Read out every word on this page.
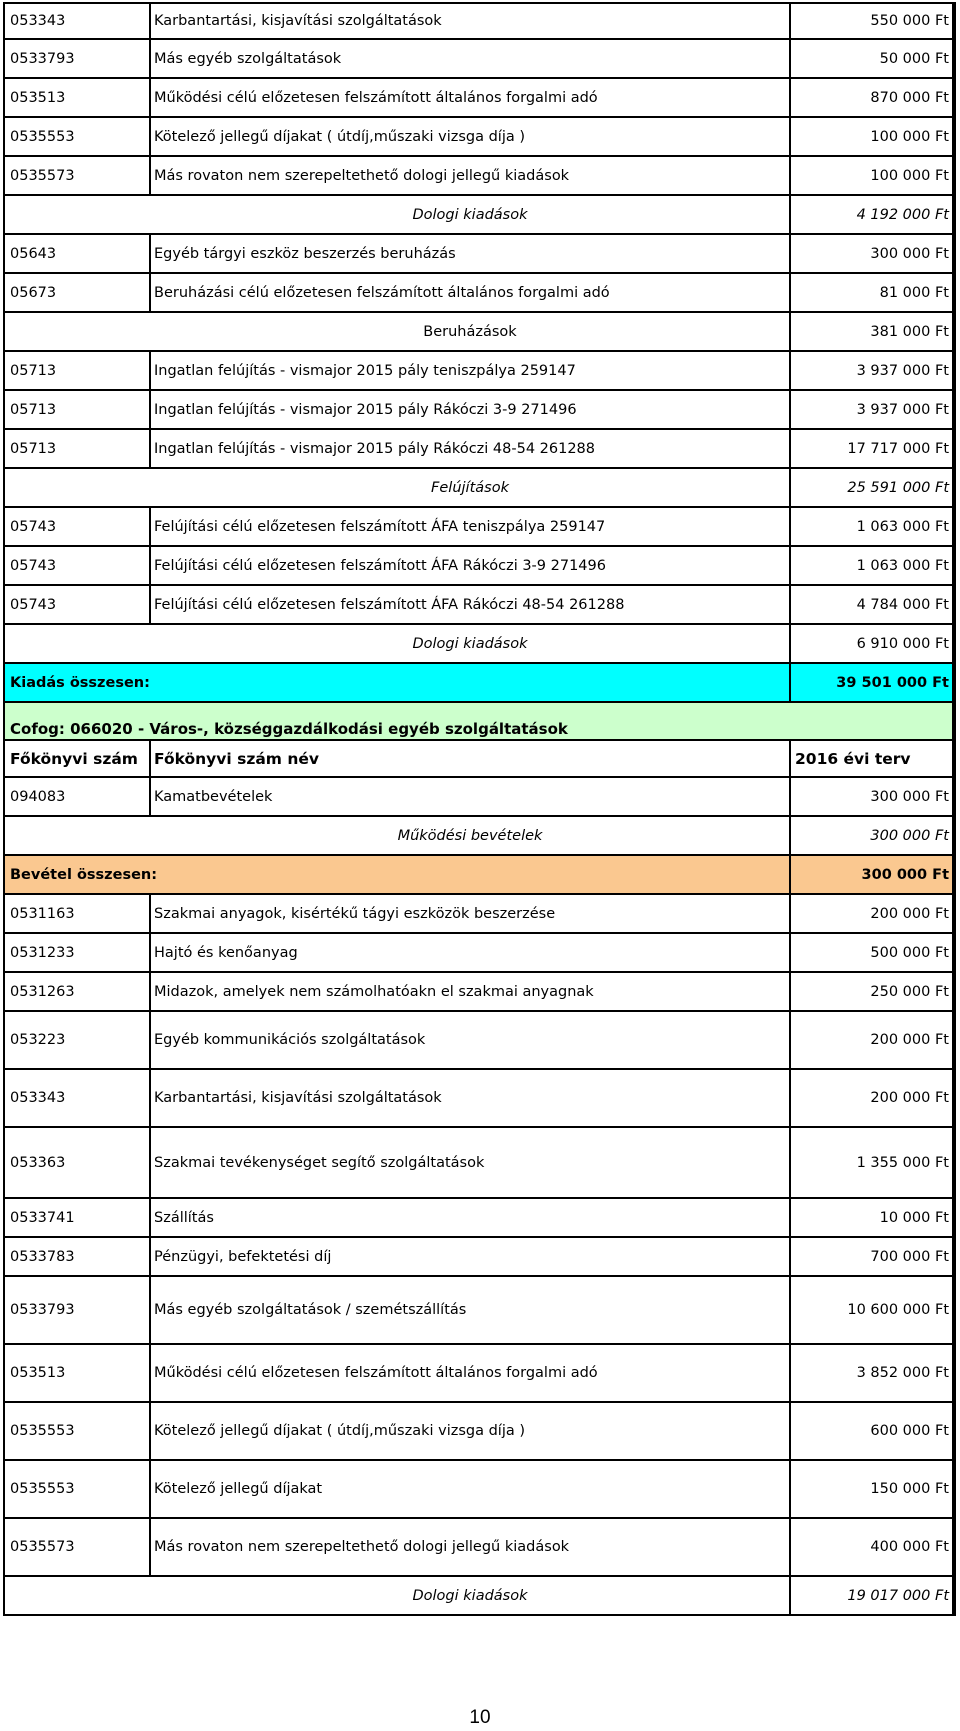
053343	Karbantartási, kisjavítási szolgáltatások	550 000 Ft
0533793	Más egyéb szolgáltatások	50 000 Ft
053513	Működési célú előzetesen felszámított általános forgalmi adó	870 000 Ft
0535553	Kötelező jellegű díjakat ( útdíj,műszaki vizsga díja )	100 000 Ft
0535573	Más rovaton nem szerepeltethető dologi jellegű kiadások	100 000 Ft
Dologi kiadások	4 192 000 Ft
05643	Egyéb tárgyi eszköz beszerzés beruházás	300 000 Ft
05673	Beruházási célú előzetesen felszámított általános forgalmi adó	81 000 Ft
Beruházások	381 000 Ft
05713	Ingatlan felújítás - vismajor 2015 pály teniszpálya 259147	3 937 000 Ft
05713	Ingatlan felújítás - vismajor 2015 pály Rákóczi 3-9 271496	3 937 000 Ft
05713	Ingatlan felújítás - vismajor 2015 pály Rákóczi 48-54 261288	17 717 000 Ft
Felújítások	25 591 000 Ft
05743	Felújítási célú előzetesen felszámított ÁFA teniszpálya 259147	1 063 000 Ft
05743	Felújítási célú előzetesen felszámított ÁFA Rákóczi 3-9 271496	1 063 000 Ft
05743	Felújítási célú előzetesen felszámított ÁFA Rákóczi 48-54 261288	4 784 000 Ft
Dologi kiadások	6 910 000 Ft
Kiadás összesen:	39 501 000 Ft
Cofog: 066020 - Város-, községgazdálkodási egyéb szolgáltatások
Főkönyvi szám	Főkönyvi szám név	2016 évi terv
094083	Kamatbevételek	300 000 Ft
Működési bevételek	300 000 Ft
Bevétel összesen:	300 000 Ft
0531163	Szakmai anyagok, kisértékű tágyi eszközök beszerzése	200 000 Ft
0531233	Hajtó és kenőanyag	500 000 Ft
0531263	Midazok, amelyek nem számolhatóakn el szakmai anyagnak	250 000 Ft
053223	Egyéb kommunikációs szolgáltatások	200 000 Ft
053343	Karbantartási, kisjavítási szolgáltatások	200 000 Ft
053363	Szakmai tevékenységet segítő szolgáltatások	1 355 000 Ft
0533741	Szállítás	10 000 Ft
0533783	Pénzügyi, befektetési díj	700 000 Ft
0533793	Más egyéb szolgáltatások / szemétszállítás	10 600 000 Ft
053513	Működési célú előzetesen felszámított általános forgalmi adó	3 852 000 Ft
0535553	Kötelező jellegű díjakat ( útdíj,műszaki vizsga díja )	600 000 Ft
0535553	Kötelező jellegű díjakat	150 000 Ft
0535573	Más rovaton nem szerepeltethető dologi jellegű kiadások	400 000 Ft
Dologi kiadások	19 017 000 Ft
10
